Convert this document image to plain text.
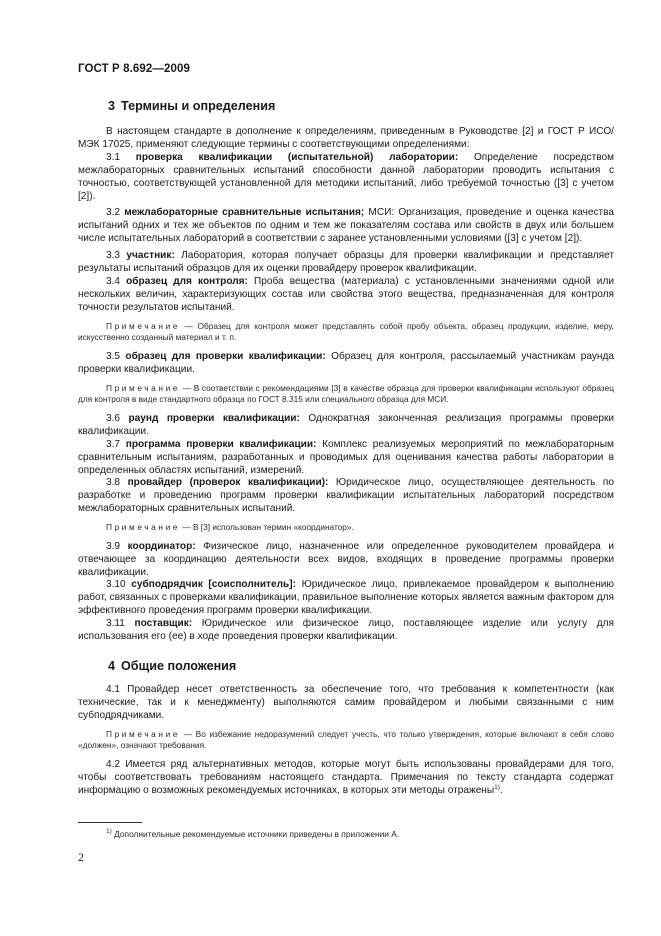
ГОСТ Р 8.692—2009
3 Термины и определения

В настоящем стандарте в дополнение к определениям, приведенным в Руководстве [2] и ГОСТ Р ИСО/МЭК 17025, применяют следующие термины с соответствующими определениями:

3.1 проверка квалификации (испытательной) лаборатории: Определение посредством межлабораторных сравнительных испытаний способности данной лаборатории проводить испытания с точностью, соответствующей установленной для методики испытаний, либо требуемой точностью ([3] с учетом [2]).

3.2 межлабораторные сравнительные испытания; МСИ: Организация, проведение и оценка качества испытаний одних и тех же объектов по одним и тем же показателям состава или свойств в двух или большем числе испытательных лабораторий в соответствии с заранее установленными условиями ([3] с учетом [2]).

3.3 участник: Лаборатория, которая получает образцы для проверки квалификации и представляет результаты испытаний образцов для их оценки провайдеру проверок квалификации.

3.4 образец для контроля: Проба вещества (материала) с установленными значениями одной или нескольких величин, характеризующих состав или свойства этого вещества, предназначенная для контроля точности результатов испытаний.

Примечание — Образец для контроля может представлять собой пробу объекта, образец продукции, изделие, меру, искусственно созданный материал и т. п.

3.5 образец для проверки квалификации: Образец для контроля, рассылаемый участникам раунда проверки квалификации.

Примечание — В соответствии с рекомендациями [3] в качестве образца для проверки квалификации используют образец для контроля в виде стандартного образца по ГОСТ 8.315 или специального образца для МСИ.

3.6 раунд проверки квалификации: Однократная законченная реализация программы проверки квалификации.

3.7 программа проверки квалификации: Комплекс реализуемых мероприятий по межлабораторным сравнительным испытаниям, разработанных и проводимых для оценивания качества работы лаборатории в определенных областях испытаний, измерений.

3.8 провайдер (проверок квалификации): Юридическое лицо, осуществляющее деятельность по разработке и проведению программ проверки квалификации испытательных лабораторий посредством межлабораторных сравнительных испытаний.

Примечание — В [3] использован термин «координатор».

3.9 координатор: Физическое лицо, назначенное или определенное руководителем провайдера и отвечающее за координацию деятельности всех видов, входящих в проведение программы проверки квалификации.

3.10 субподрядчик [соисполнитель]: Юридическое лицо, привлекаемое провайдером к выполнению работ, связанных с проверками квалификации, правильное выполнение которых является важным фактором для эффективного проведения программ проверки квалификации.

3.11 поставщик: Юридическое или физическое лицо, поставляющее изделие или услугу для использования его (ее) в ходе проведения проверки квалификации.

4 Общие положения

4.1 Провайдер несет ответственность за обеспечение того, что требования к компетентности (как технические, так и к менеджменту) выполняются самим провайдером и любыми связанными с ним субподрядчиками.

Примечание — Во избежание недоразумений следует учесть, что только утверждения, которые включают в себя слово «должен», означают требования.

4.2 Имеется ряд альтернативных методов, которые могут быть использованы провайдерами для того, чтобы соответствовать требованиям настоящего стандарта. Примечания по тексту стандарта содержат информацию о возможных рекомендуемых источниках, в которых эти методы отражены$^{1)}$.

$^{1)}$ Дополнительные рекомендуемые источники приведены в приложении А.
2
